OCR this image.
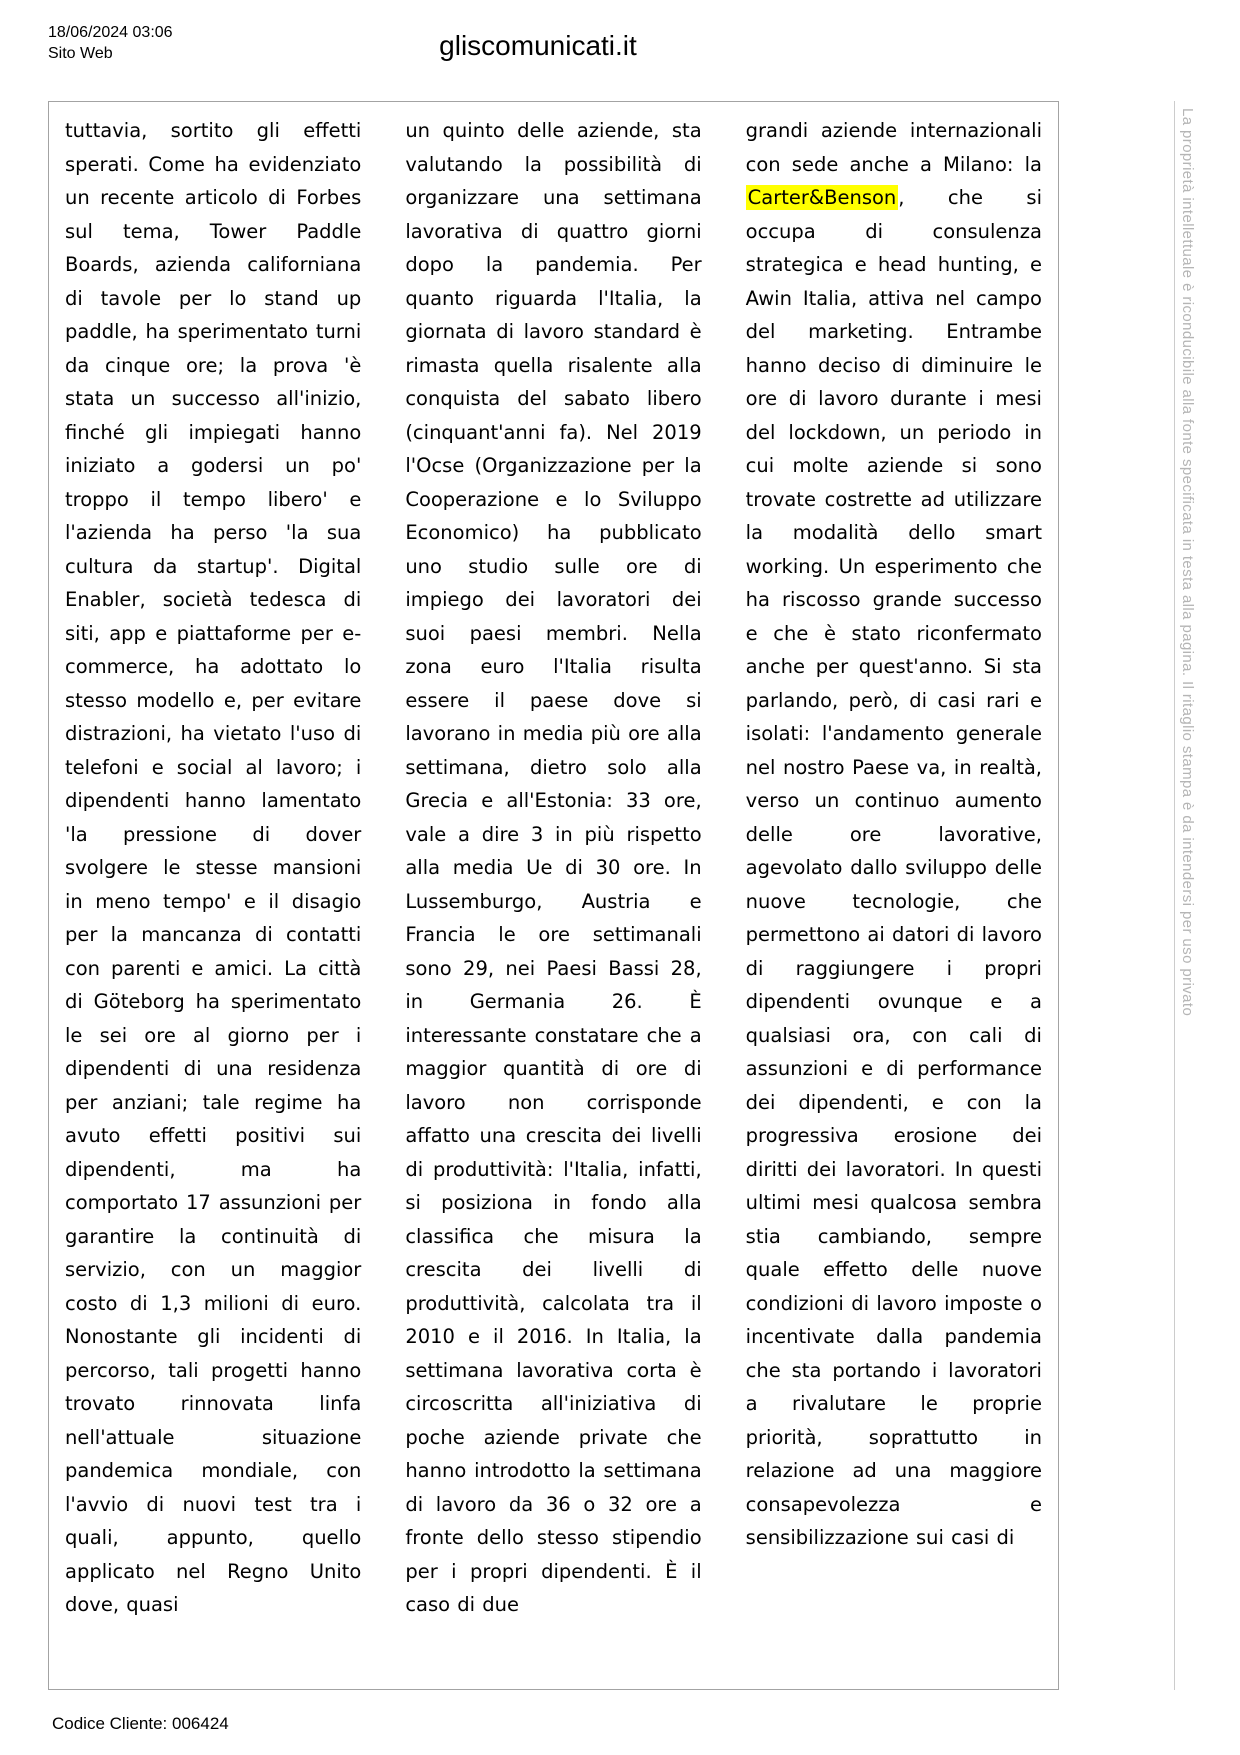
18/06/2024 03:06
Sito Web	gliscomunicati.it
tuttavia, sortito gli effetti sperati. Come ha evidenziato un recente articolo di Forbes sul tema, Tower Paddle Boards, azienda californiana di tavole per lo stand up paddle, ha sperimentato turni da cinque ore; la prova 'è stata un successo all'inizio, finché gli impiegati hanno iniziato a godersi un po' troppo il tempo libero' e l'azienda ha perso 'la sua cultura da startup'. Digital Enabler, società tedesca di siti, app e piattaforme per e-commerce, ha adottato lo stesso modello e, per evitare distrazioni, ha vietato l'uso di telefoni e social al lavoro; i dipendenti hanno lamentato 'la pressione di dover svolgere le stesse mansioni in meno tempo' e il disagio per la mancanza di contatti con parenti e amici. La città di Göteborg ha sperimentato le sei ore al giorno per i dipendenti di una residenza per anziani; tale regime ha avuto effetti positivi sui dipendenti, ma ha comportato 17 assunzioni per garantire la continuità di servizio, con un maggior costo di 1,3 milioni di euro. Nonostante gli incidenti di percorso, tali progetti hanno trovato rinnovata linfa nell'attuale situazione pandemica mondiale, con l'avvio di nuovi test tra i quali, appunto, quello applicato nel Regno Unito dove, quasi
un quinto delle aziende, sta valutando la possibilità di organizzare una settimana lavorativa di quattro giorni dopo la pandemia. Per quanto riguarda l'Italia, la giornata di lavoro standard è rimasta quella risalente alla conquista del sabato libero (cinquant'anni fa). Nel 2019 l'Ocse (Organizzazione per la Cooperazione e lo Sviluppo Economico) ha pubblicato uno studio sulle ore di impiego dei lavoratori dei suoi paesi membri. Nella zona euro l'Italia risulta essere il paese dove si lavorano in media più ore alla settimana, dietro solo alla Grecia e all'Estonia: 33 ore, vale a dire 3 in più rispetto alla media Ue di 30 ore. In Lussemburgo, Austria e Francia le ore settimanali sono 29, nei Paesi Bassi 28, in Germania 26. È interessante constatare che a maggior quantità di ore di lavoro non corrisponde affatto una crescita dei livelli di produttività: l'Italia, infatti, si posiziona in fondo alla classifica che misura la crescita dei livelli di produttività, calcolata tra il 2010 e il 2016. In Italia, la settimana lavorativa corta è circoscritta all'iniziativa di poche aziende private che hanno introdotto la settimana di lavoro da 36 o 32 ore a fronte dello stesso stipendio per i propri dipendenti. È il caso di due
grandi aziende internazionali con sede anche a Milano: la Carter&Benson , che si occupa di consulenza strategica e head hunting, e Awin Italia, attiva nel campo del marketing. Entrambe hanno deciso di diminuire le ore di lavoro durante i mesi del lockdown, un periodo in cui molte aziende si sono trovate costrette ad utilizzare la modalità dello smart working. Un esperimento che ha riscosso grande successo e che è stato riconfermato anche per quest'anno. Si sta parlando, però, di casi rari e isolati: l'andamento generale nel nostro Paese va, in realtà, verso un continuo aumento delle ore lavorative, agevolato dallo sviluppo delle nuove tecnologie, che permettono ai datori di lavoro di raggiungere i propri dipendenti ovunque e a qualsiasi ora, con cali di assunzioni e di performance dei dipendenti, e con la progressiva erosione dei diritti dei lavoratori. In questi ultimi mesi qualcosa sembra stia cambiando, sempre quale effetto delle nuove condizioni di lavoro imposte o incentivate dalla pandemia che sta portando i lavoratori a rivalutare le proprie priorità, soprattutto in relazione ad una maggiore consapevolezza e sensibilizzazione sui casi di
La proprietà intellettuale è riconducibile alla fonte specificata in testa alla pagina. Il ritaglio stampa è da intendersi per uso privato
Codice Cliente: 006424
